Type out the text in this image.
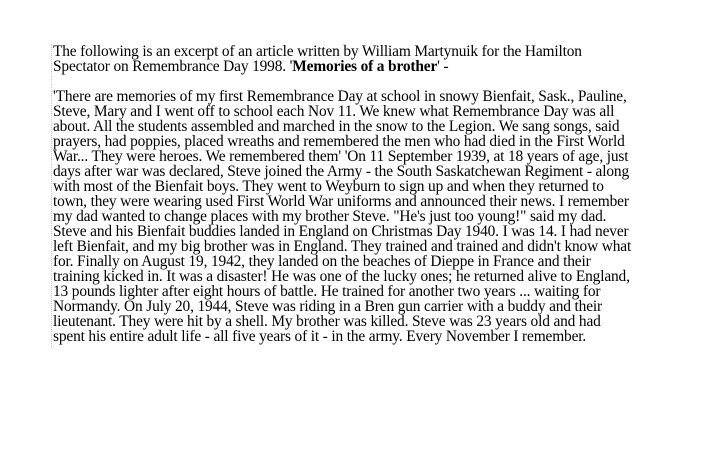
The following is an excerpt of an article written by William Martynuik for the Hamilton
Spectator on Remembrance Day 1998. 'Memories of a brother' -
'There are memories of my first Remembrance Day at school in snowy Bienfait, Sask., Pauline,
Steve, Mary and I went off to school each Nov 11. We knew what Remembrance Day was all
about. All the students assembled and marched in the snow to the Legion. We sang songs, said
prayers, had poppies, placed wreaths and remembered the men who had died in the First World
War... They were heroes. We remembered them' 'On 11 September 1939, at 18 years of age, just
days after war was declared, Steve joined the Army - the South Saskatchewan Regiment - along
with most of the Bienfait boys. They went to Weyburn to sign up and when they returned to
town, they were wearing used First World War uniforms and announced their news. I remember
my dad wanted to change places with my brother Steve. "He's just too young!" said my dad.
Steve and his Bienfait buddies landed in England on Christmas Day 1940. I was 14. I had never
left Bienfait, and my big brother was in England. They trained and trained and didn't know what
for. Finally on August 19, 1942, they landed on the beaches of Dieppe in France and their
training kicked in. It was a disaster! He was one of the lucky ones; he returned alive to England,
13 pounds lighter after eight hours of battle. He trained for another two years ... waiting for
Normandy. On July 20, 1944, Steve was riding in a Bren gun carrier with a buddy and their
lieutenant. They were hit by a shell. My brother was killed. Steve was 23 years old and had
spent his entire adult life - all five years of it - in the army. Every November I remember.
